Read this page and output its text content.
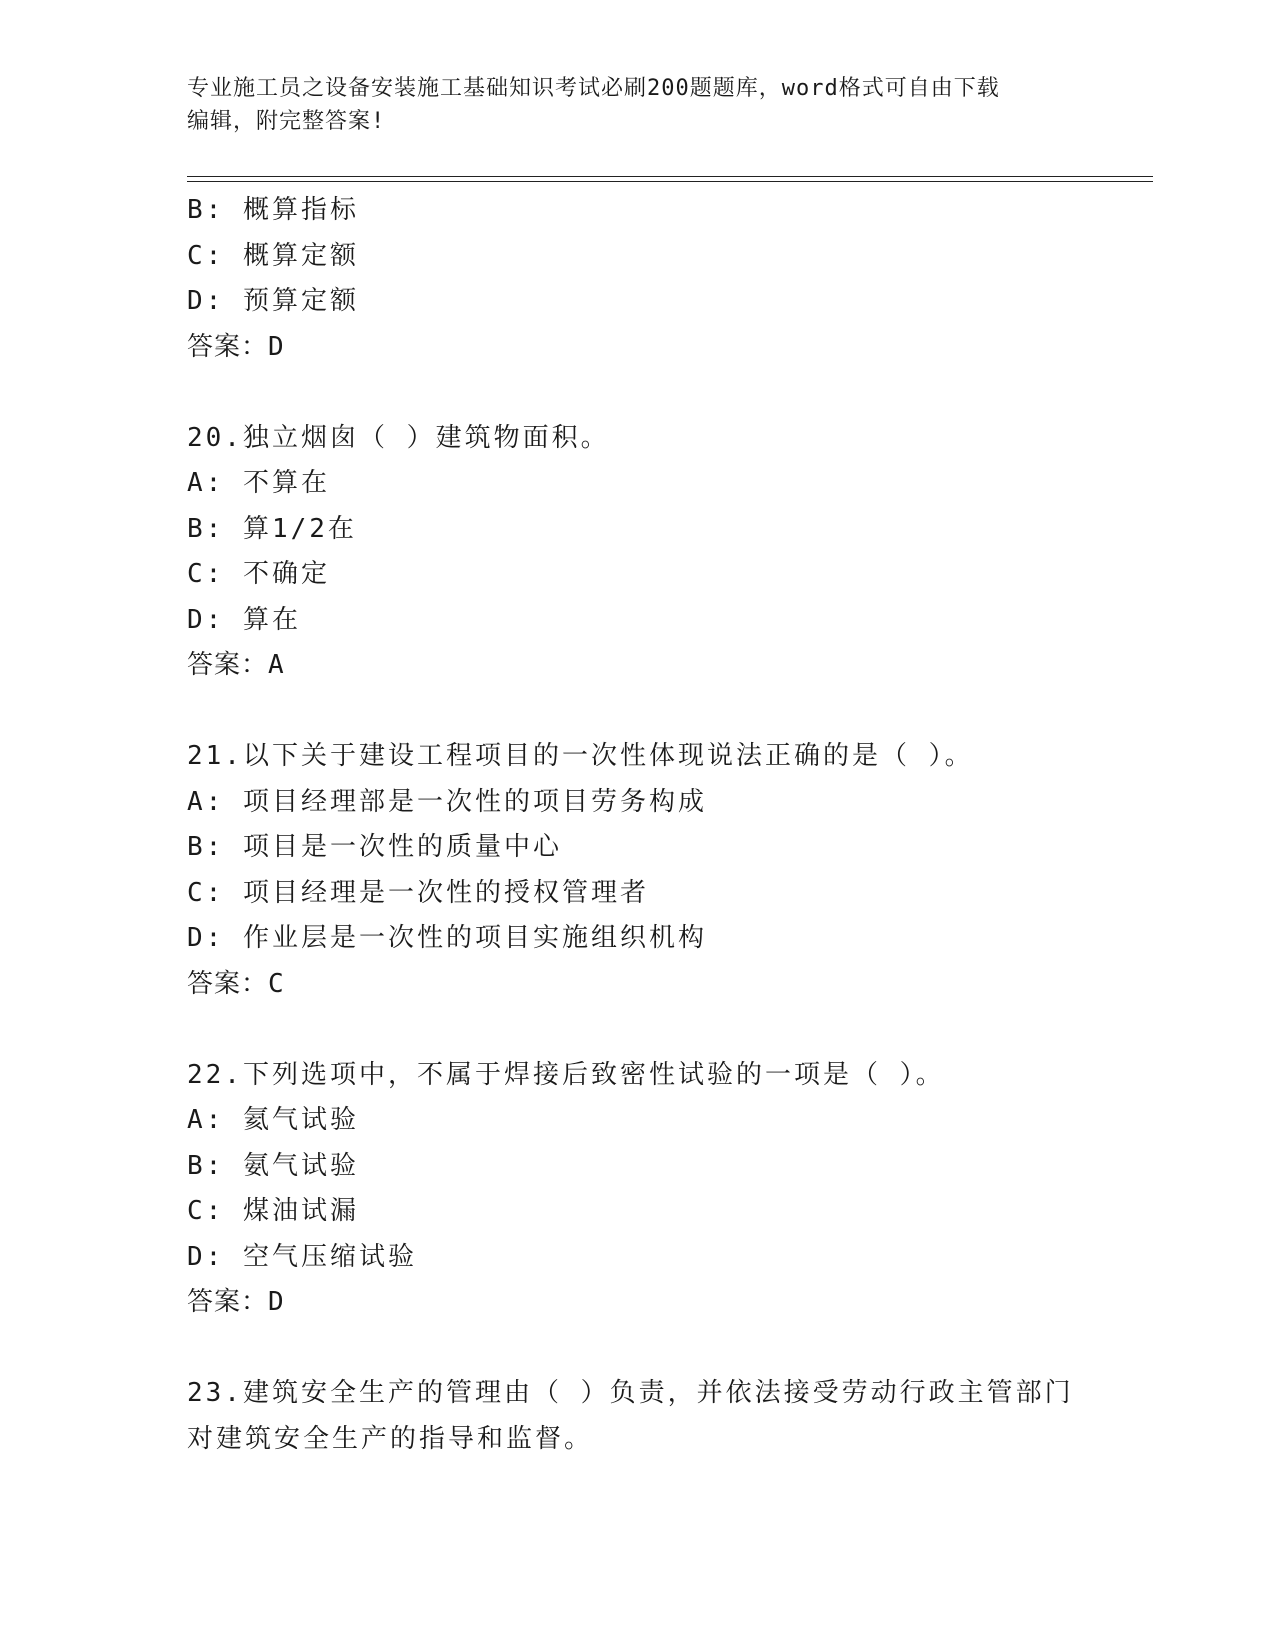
专业施工员之设备安装施工基础知识考试必刷200题题库，word格式可自由下载
编辑，附完整答案!
B: 概算指标
C: 概算定额
D: 预算定额
答案：D
20.独立烟囱（ ）建筑物面积。
A: 不算在
B: 算1/2在
C: 不确定
D: 算在
答案：A
21.以下关于建设工程项目的一次性体现说法正确的是（ ）。
A: 项目经理部是一次性的项目劳务构成
B: 项目是一次性的质量中心
C: 项目经理是一次性的授权管理者
D: 作业层是一次性的项目实施组织机构
答案：C
22.下列选项中，不属于焊接后致密性试验的一项是（ ）。
A: 氦气试验
B: 氨气试验
C: 煤油试漏
D: 空气压缩试验
答案：D
23.建筑安全生产的管理由（ ）负责，并依法接受劳动行政主管部门
对建筑安全生产的指导和监督。
